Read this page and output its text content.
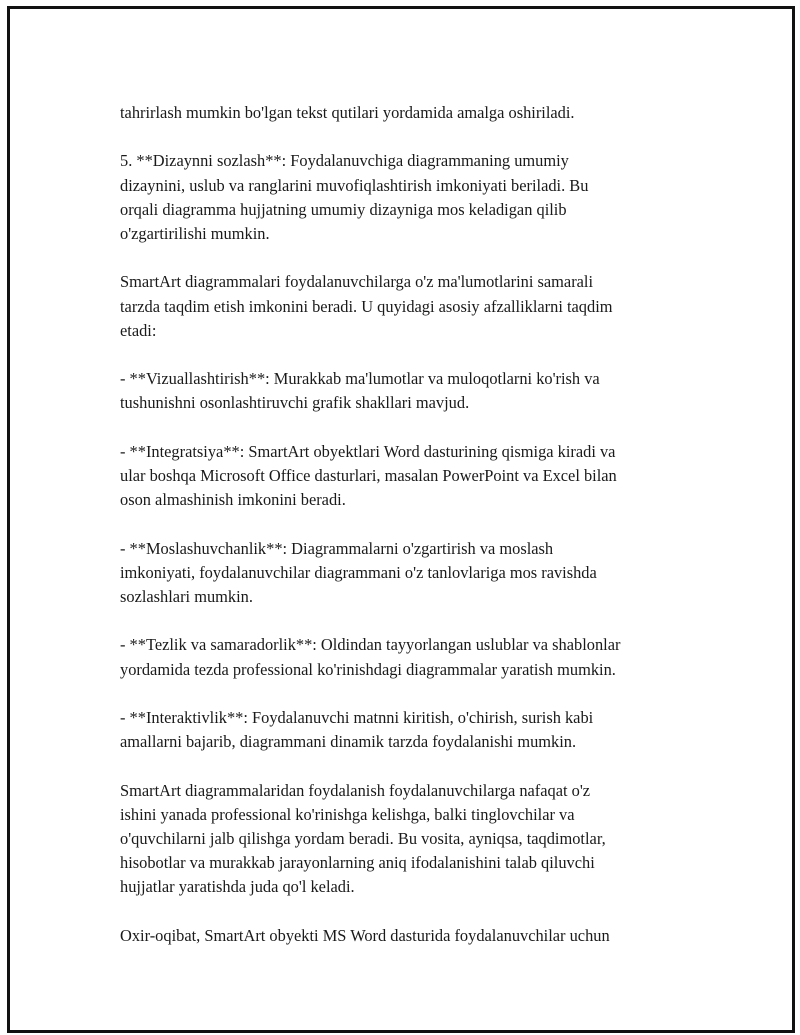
tahrirlash mumkin bo'lgan tekst qutilari yordamida amalga oshiriladi.

5. **Dizaynni sozlash**: Foydalanuvchiga diagrammaning umumiy
dizaynini, uslub va ranglarini muvofiqlashtirish imkoniyati beriladi. Bu
orqali diagramma hujjatning umumiy dizayniga mos keladigan qilib
o'zgartirilishi mumkin.

SmartArt diagrammalari foydalanuvchilarga o'z ma'lumotlarini samarali
tarzda taqdim etish imkonini beradi. U quyidagi asosiy afzalliklarni taqdim
etadi:

- **Vizuallashtirish**: Murakkab ma'lumotlar va muloqotlarni ko'rish va
tushunishni osonlashtiruvchi grafik shakllari mavjud.

- **Integratsiya**: SmartArt obyektlari Word dasturining qismiga kiradi va
ular boshqa Microsoft Office dasturlari, masalan PowerPoint va Excel bilan
oson almashinish imkonini beradi.

- **Moslashuvchanlik**: Diagrammalarni o'zgartirish va moslash
imkoniyati, foydalanuvchilar diagrammani o'z tanlovlariga mos ravishda
sozlashlari mumkin.

- **Tezlik va samaradorlik**: Oldindan tayyorlangan uslublar va shablonlar
yordamida tezda professional ko'rinishdagi diagrammalar yaratish mumkin.

- **Interaktivlik**: Foydalanuvchi matnni kiritish, o'chirish, surish kabi
amallarni bajarib, diagrammani dinamik tarzda foydalanishi mumkin.

SmartArt diagrammalaridan foydalanish foydalanuvchilarga nafaqat o'z
ishini yanada professional ko'rinishga kelishga, balki tinglovchilar va
o'quvchilarni jalb qilishga yordam beradi. Bu vosita, ayniqsa, taqdimotlar,
hisobotlar va murakkab jarayonlarning aniq ifodalanishini talab qiluvchi
hujjatlar yaratishda juda qo'l keladi.

Oxir-oqibat, SmartArt obyekti MS Word dasturida foydalanuvchilar uchun
